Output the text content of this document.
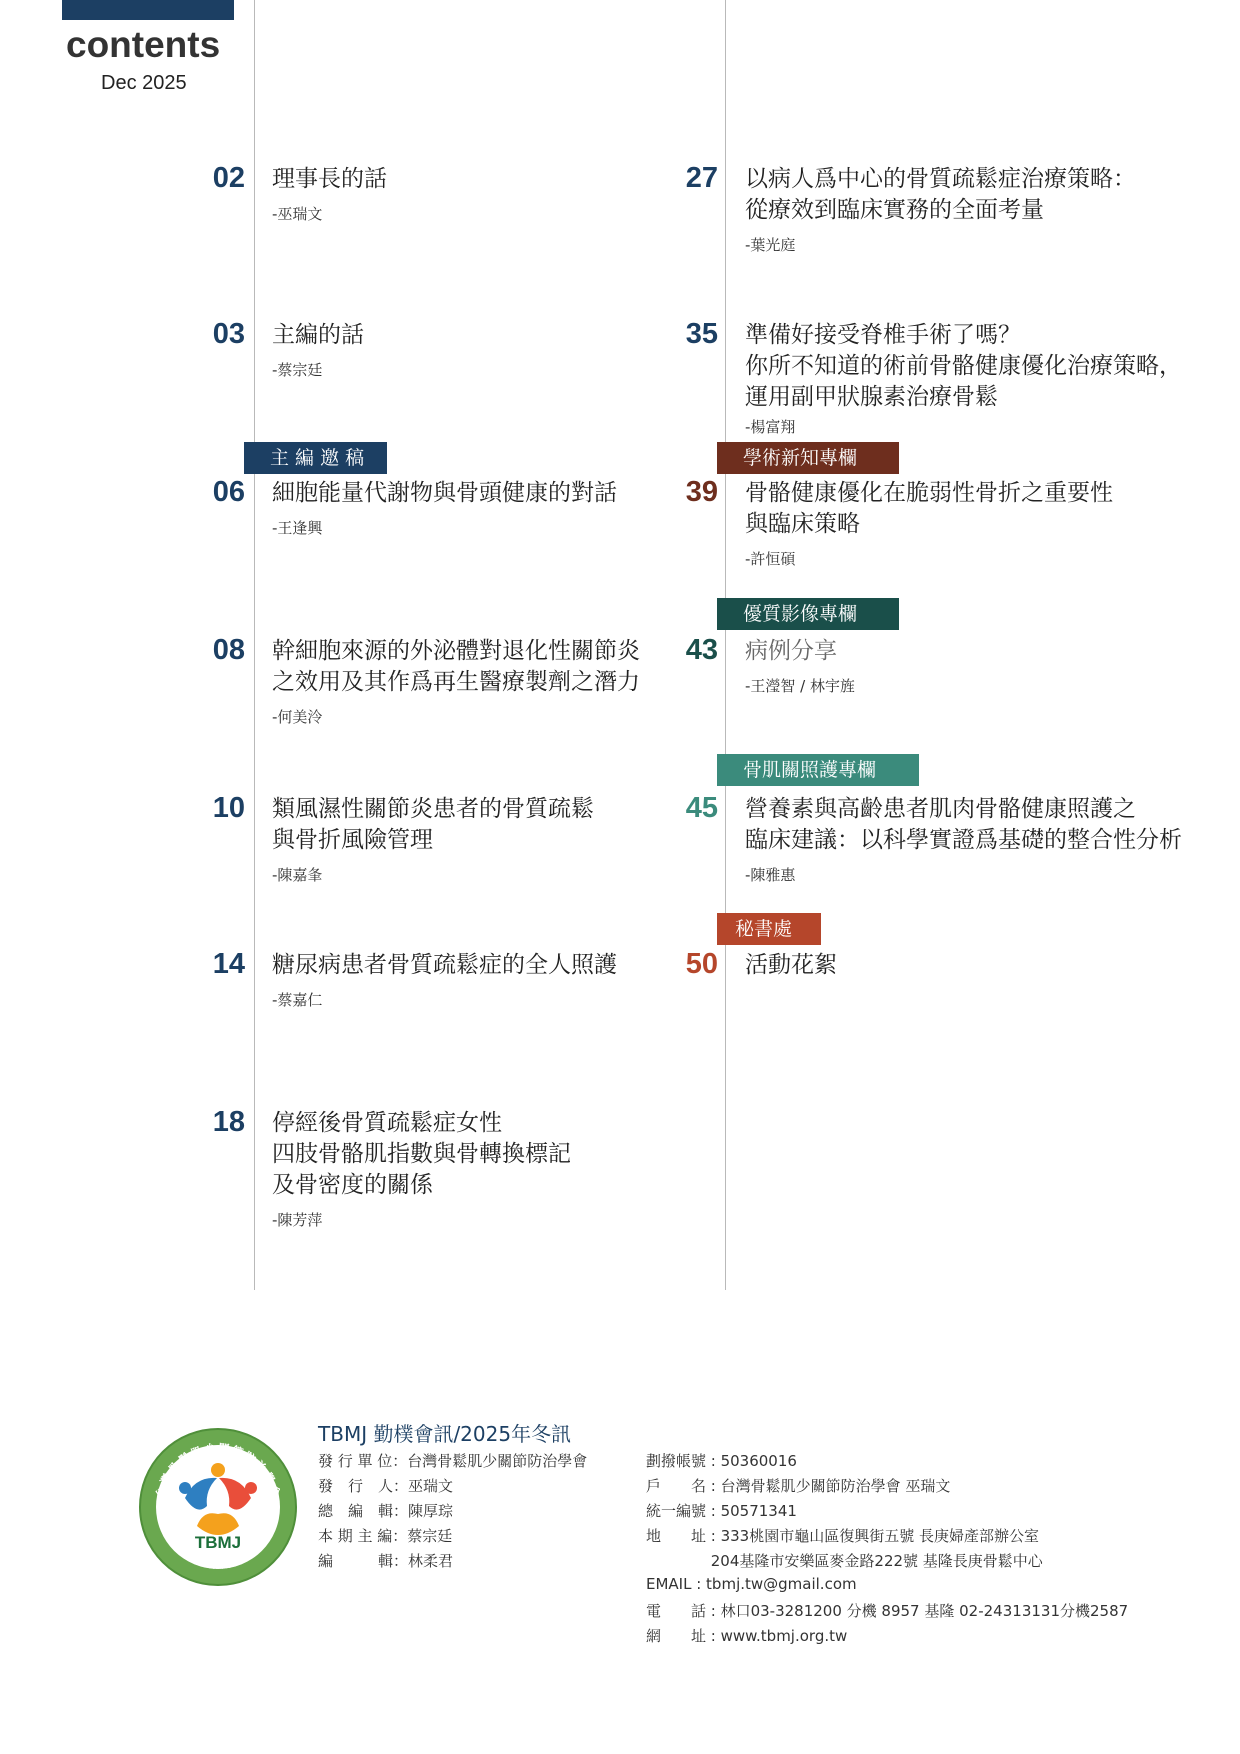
contents
Dec 2025
02 理事長的話
-巫瑞文
03 主編的話
-蔡宗廷
主 編 邀 稿
06 細胞能量代謝物與骨頭健康的對話
-王逢興
08 幹細胞來源的外泌體對退化性關節炎
之效用及其作爲再生醫療製劑之潛力
-何美泠
10 類風濕性關節炎患者的骨質疏鬆
與骨折風險管理
-陳嘉夆
14 糖尿病患者骨質疏鬆症的全人照護
-蔡嘉仁
18 停經後骨質疏鬆症女性
四肢骨骼肌指數與骨轉換標記
及骨密度的關係
-陳芳萍
27 以病人爲中心的骨質疏鬆症治療策略：
從療效到臨床實務的全面考量
-葉光庭
35 準備好接受脊椎手術了嗎？
你所不知道的術前骨骼健康優化治療策略，
運用副甲狀腺素治療骨鬆
-楊富翔
學術新知專欄
39 骨骼健康優化在脆弱性骨折之重要性
與臨床策略
-許恒碩
優質影像專欄
43 病例分享
-王瀅智 / 林宇旌
骨肌關照護專欄
45 營養素與高齡患者肌肉骨骼健康照護之
臨床建議：以科學實證爲基礎的整合性分析
-陳雅惠
秘書處
50 活動花絮
台灣骨鬆肌少關節防治學會
Taiwan Bone Muscle Joint Total Care Association
TBMJ
TBMJ 勤樸會訊/2025年冬訊
發 行 單 位：台灣骨鬆肌少關節防治學會
發　行　人：巫瑞文
總　編　輯：陳厚琮
本 期 主 編：蔡宗廷
編　　　輯：林柔君
劃撥帳號 : 50360016
戶　　名 : 台灣骨鬆肌少關節防治學會 巫瑞文
統一編號 : 50571341
地　　址 : 333桃園市龜山區復興街五號 長庚婦產部辦公室
　　　　 204基隆市安樂區麥金路222號 基隆長庚骨鬆中心
EMAIL : tbmj.tw@gmail.com
電　　話 : 林口03-3281200 分機 8957 基隆 02-24313131分機2587
網　　址 : www.tbmj.org.tw
